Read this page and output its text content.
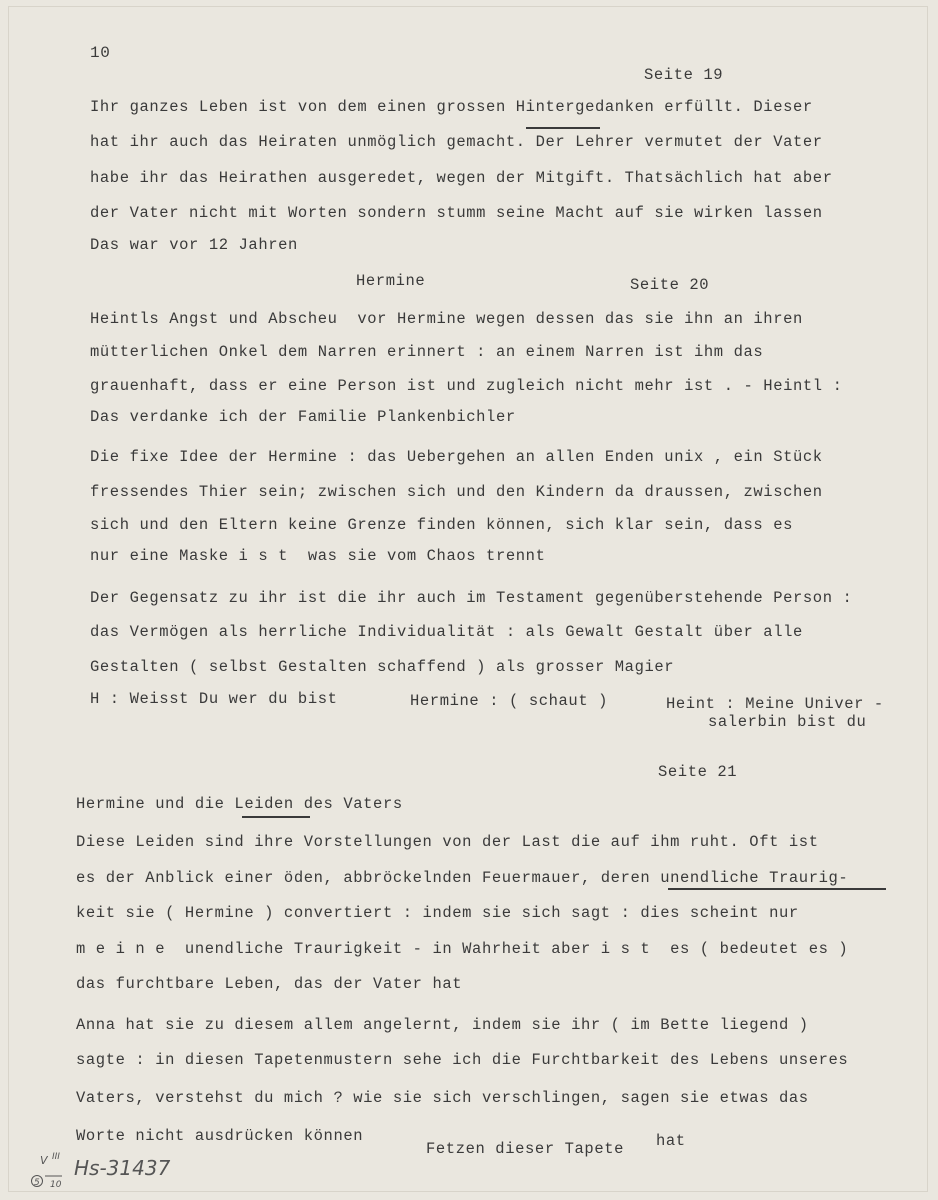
10
Seite 19
Ihr ganzes Leben ist von dem einen grossen Hintergedanken erfüllt. Dieser
hat ihr auch das Heiraten unmöglich gemacht. Der Lehrer vermutet der Vater
habe ihr das Heirathen ausgeredet, wegen der Mitgift. Thatsächlich hat aber
der Vater nicht mit Worten sondern stumm seine Macht auf sie wirken lassen
Das war vor 12 Jahren
Hermine	Seite 20
Heintls Angst und Abscheu  vor Hermine wegen dessen das sie ihn an ihren
mütterlichen Onkel dem Narren erinnert : an einem Narren ist ihm das
grauenhaft, dass er eine Person ist und zugleich nicht mehr ist . - Heintl :
Das verdanke ich der Familie Plankenbichler
Die fixe Idee der Hermine : das Uebergehen an allen Enden unix , ein Stück
fressendes Thier sein; zwischen sich und den Kindern da draussen, zwischen
sich und den Eltern keine Grenze finden können, sich klar sein, dass es
nur eine Maske i s t  was sie vom Chaos trennt
Der Gegensatz zu ihr ist die ihr auch im Testament gegenüberstehende Person :
das Vermögen als herrliche Individualität : als Gewalt Gestalt über alle
Gestalten ( selbst Gestalten schaffend ) als grosser Magier
H : Weisst Du wer du bist	Hermine : ( schaut )	Heint : Meine Univer -
salerbin bist du
Seite 21
Hermine und die Leiden des Vaters
Diese Leiden sind ihre Vorstellungen von der Last die auf ihm ruht. Oft ist
es der Anblick einer öden, abbröckelnden Feuermauer, deren unendliche Traurig-
keit sie ( Hermine ) convertiert : indem sie sich sagt : dies scheint nur
m e i n e  unendliche Traurigkeit - in Wahrheit aber i s t  es ( bedeutet es )
das furchtbare Leben, das der Vater hat
Anna hat sie zu diesem allem angelernt, indem sie ihr ( im Bette liegend )
sagte : in diesen Tapetenmustern sehe ich die Furchtbarkeit des Lebens unseres
Vaters, verstehst du mich ? wie sie sich verschlingen, sagen sie etwas das
Worte nicht ausdrücken können
Fetzen dieser Tapete hat
V III
5 10
Hs-31437
